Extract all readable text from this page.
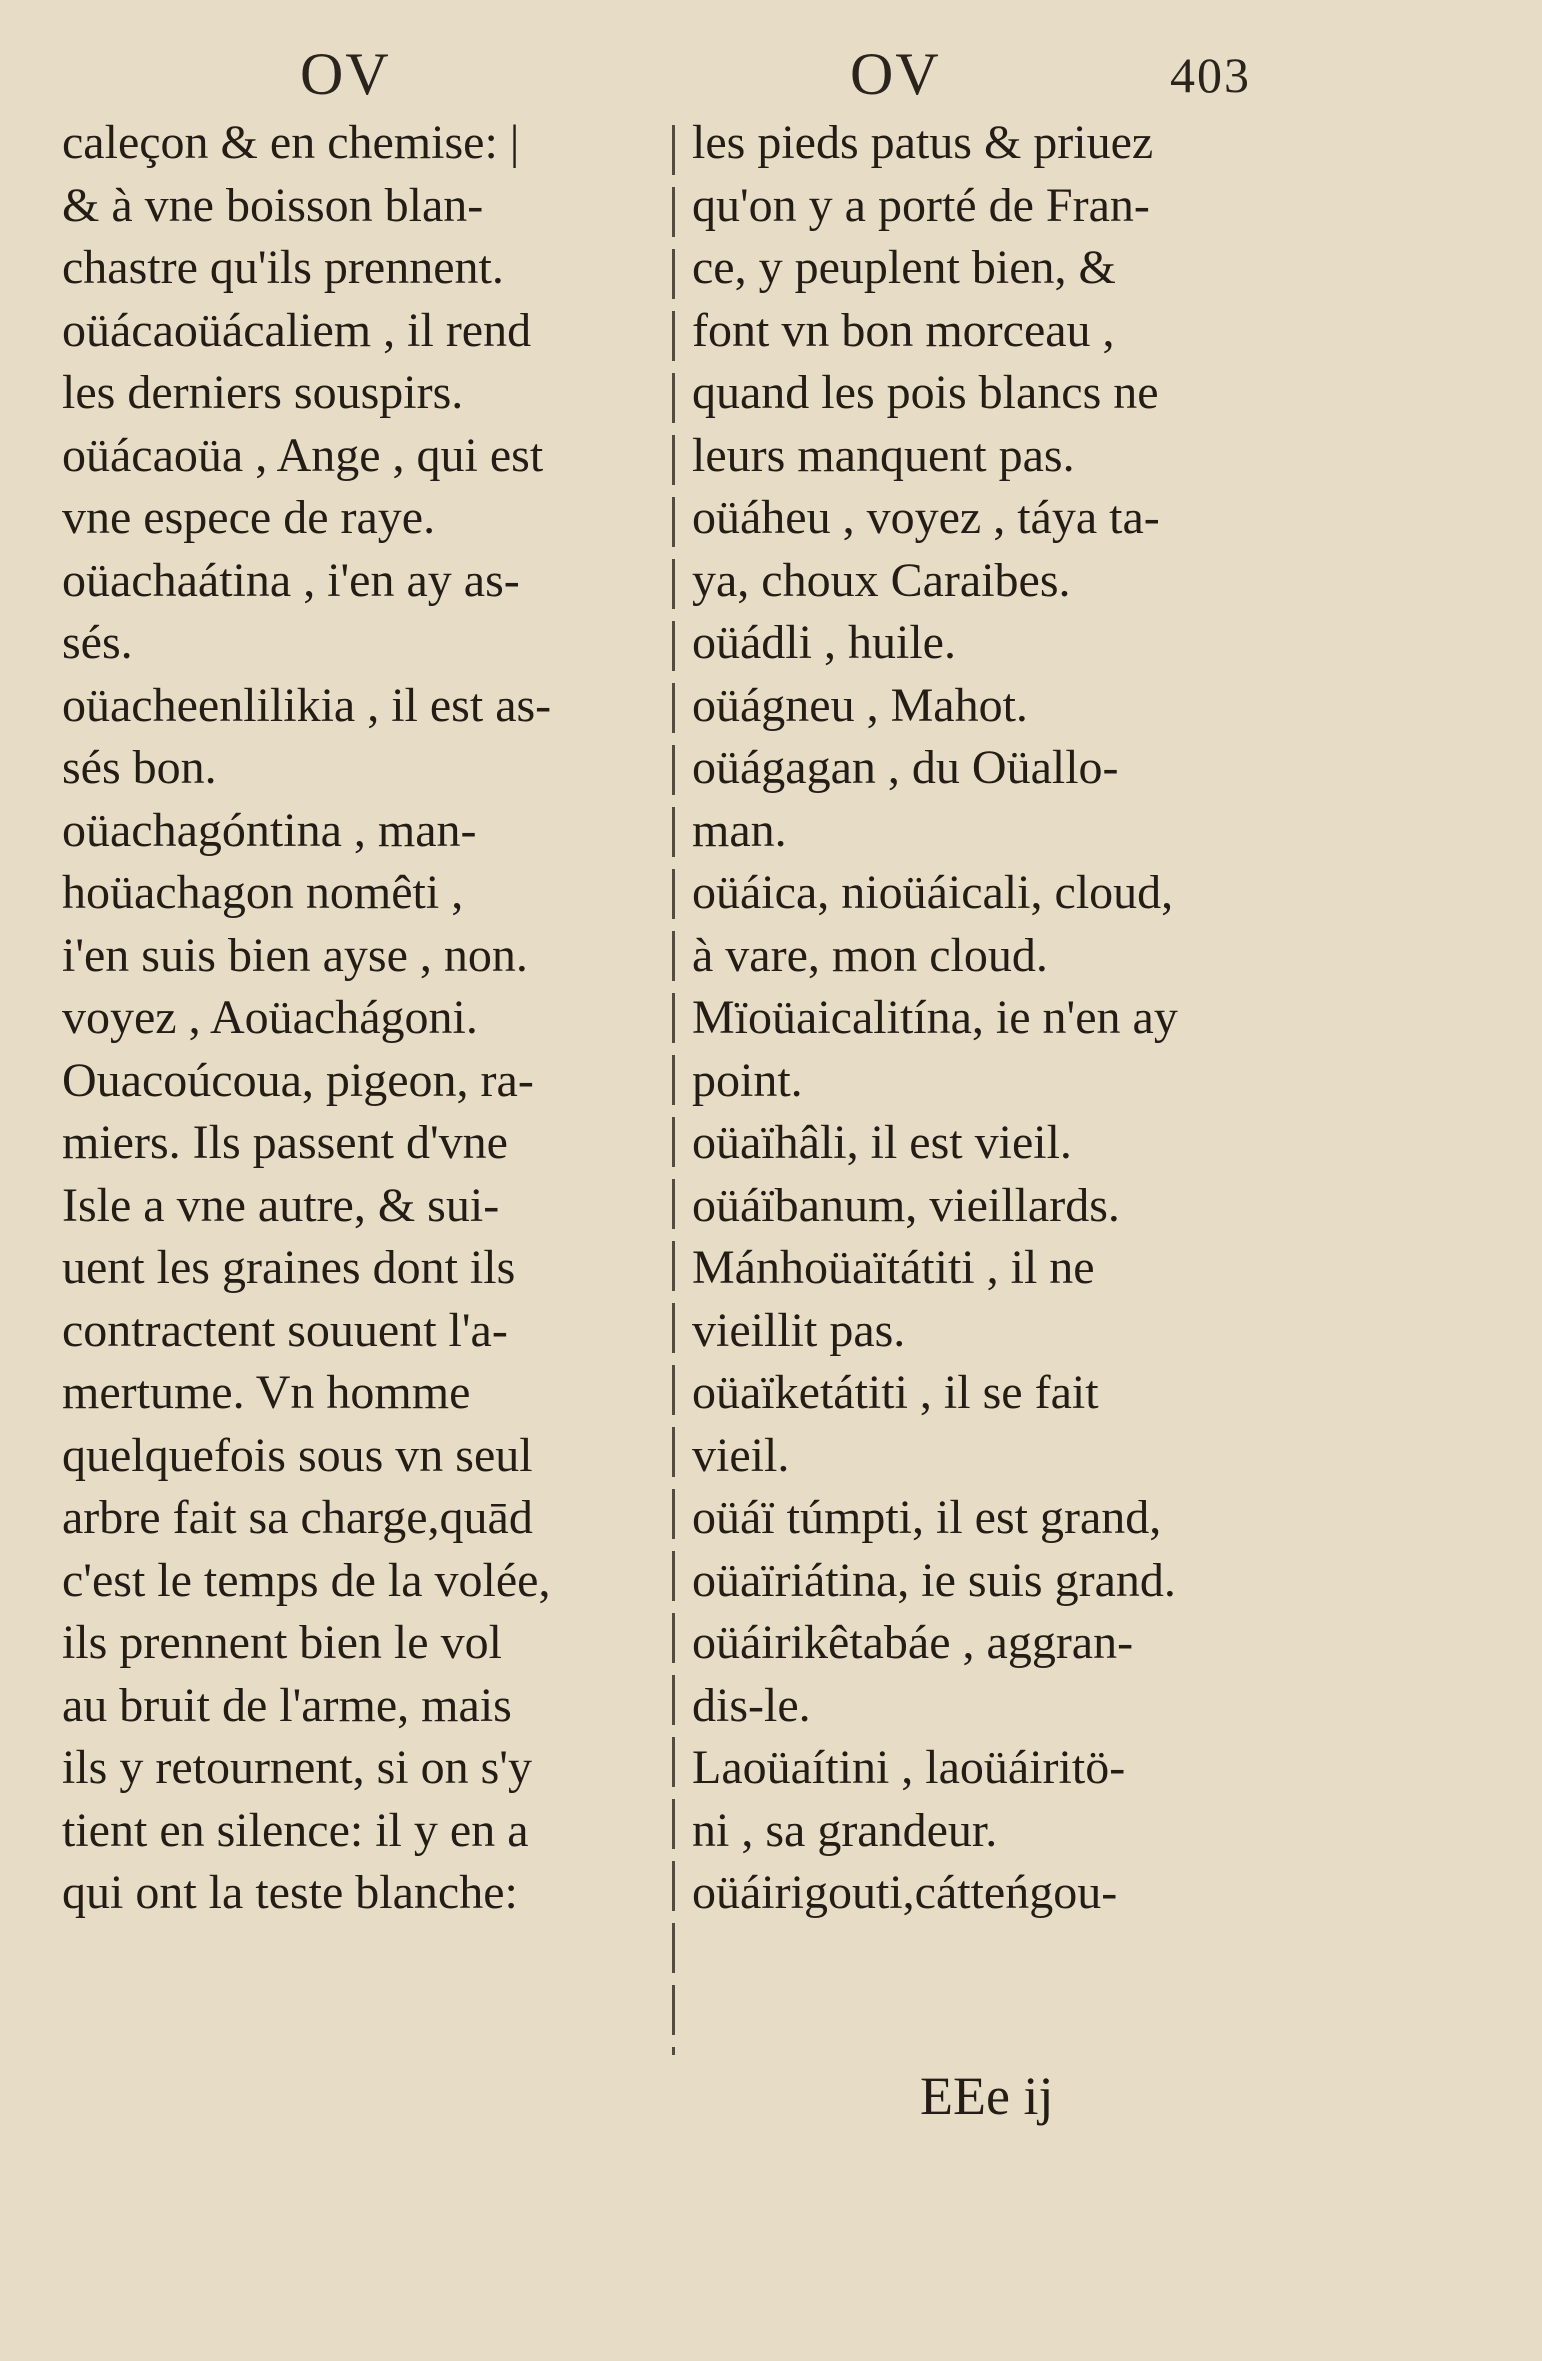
OV	OV	403
caleçon & en chemise: |
& à vne boisson blan-
chastre qu'ils prennent.
oüácaoüácaliem , il rend
les derniers souspirs.
oüácaoüa , Ange , qui est
vne espece de raye.
oüachaátina , i'en ay as-
sés.
oüacheenlilikia , il est as-
sés bon.
oüachagóntina , man-
hoüachagon nomêti ,
i'en suis bien ayse , non.
voyez , Aoüachágoni.
Ouacoúcoua, pigeon, ra-
miers. Ils passent d'vne
Isle a vne autre, & sui-
uent les graines dont ils
contractent souuent l'a-
mertume. Vn homme
quelquefois sous vn seul
arbre fait sa charge,quād
c'est le temps de la volée,
ils prennent bien le vol
au bruit de l'arme, mais
ils y retournent, si on s'y
tient en silence: il y en a
qui ont la teste blanche:
les pieds patus & priuez
qu'on y a porté de Fran-
ce, y peuplent bien, &
font vn bon morceau ,
quand les pois blancs ne
leurs manquent pas.
oüáheu , voyez , táya ta-
ya, choux Caraibes.
oüádli , huile.
oüágneu , Mahot.
oüágagan , du Oüallo-
man.
oüáica, nioüáicali, cloud,
à vare, mon cloud.
Mïoüaicalitína, ie n'en ay
point.
oüaïhâli, il est vieil.
oüáïbanum, vieillards.
Mánhoüaïtátiti , il ne
vieillit pas.
oüaïketátiti , il se fait
vieil.
oüáï túmpti, il est grand,
oüaïriátina, ie suis grand.
oüáirikêtabáe , aggran-
dis-le.
Laoüaítini , laoüáiritö-
ni , sa grandeur.
oüáirigouti,cátteńgou-
EEe ij
